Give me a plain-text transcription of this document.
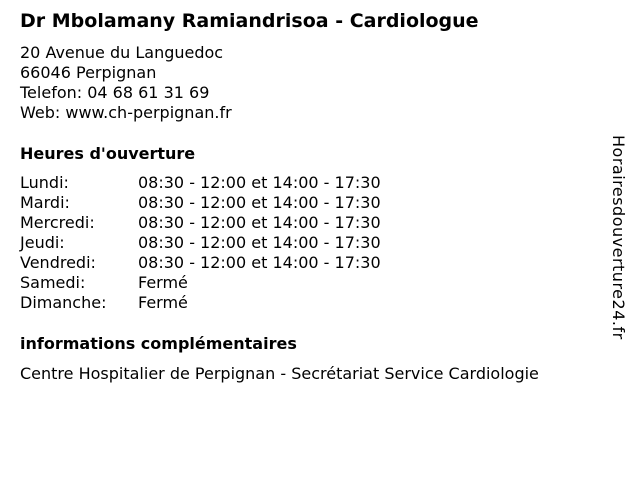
Dr Mbolamany Ramiandrisoa - Cardiologue
20 Avenue du Languedoc
66046 Perpignan
Telefon: 04 68 61 31 69
Web: www.ch-perpignan.fr
Heures d'ouverture
Lundi:	08:30 - 12:00 et 14:00 - 17:30
Mardi:	08:30 - 12:00 et 14:00 - 17:30
Mercredi:	08:30 - 12:00 et 14:00 - 17:30
Jeudi:	08:30 - 12:00 et 14:00 - 17:30
Vendredi:	08:30 - 12:00 et 14:00 - 17:30
Samedi:	Fermé
Dimanche:	Fermé
informations complémentaires
Centre Hospitalier de Perpignan - Secrétariat Service Cardiologie
Horairesdouverture24.fr
